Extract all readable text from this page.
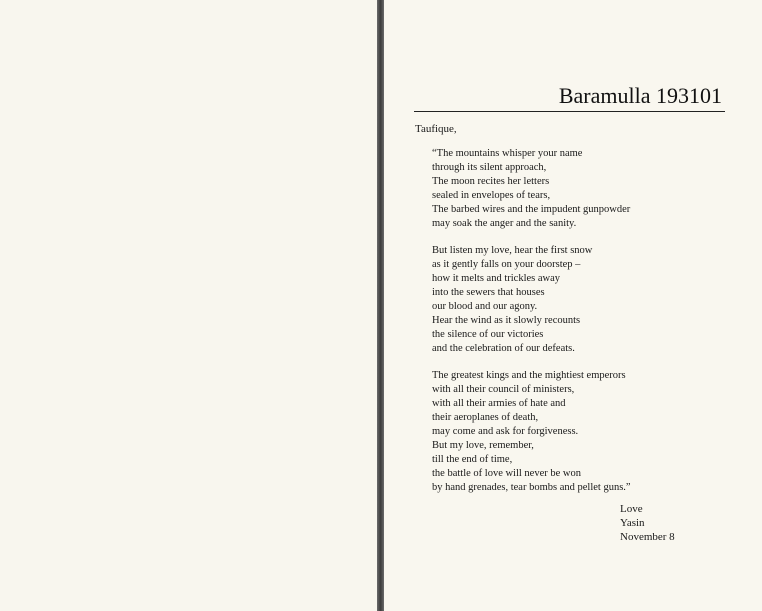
Baramulla 193101
Taufique,
“The mountains whisper your name
through its silent approach,
The moon recites her letters
sealed in envelopes of tears,
The barbed wires and the impudent gunpowder
may soak the anger and the sanity.
But listen my love, hear the first snow
as it gently falls on your doorstep –
how it melts and trickles away
into the sewers that houses
our blood and our agony.
Hear the wind as it slowly recounts
the silence of our victories
and the celebration of our defeats.
The greatest kings and the mightiest emperors
with all their council of ministers,
with all their armies of hate and
their aeroplanes of death,
may come and ask for forgiveness.
But my love, remember,
till the end of time,
the battle of love will never be won
by hand grenades, tear bombs and pellet guns.”
Love
Yasin
November 8
